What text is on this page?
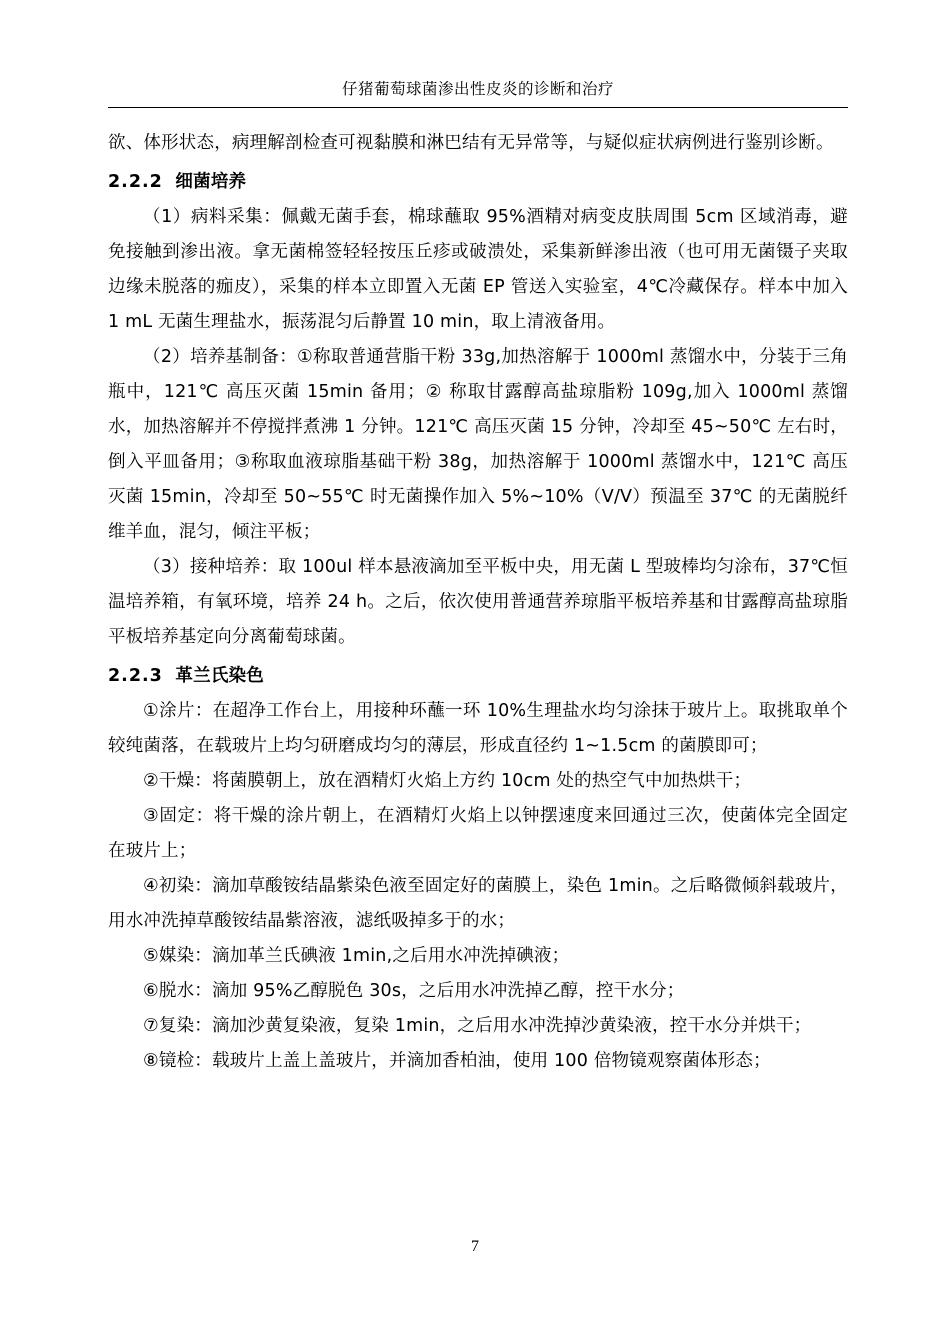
仔猪葡萄球菌渗出性皮炎的诊断和治疗

欲、体形状态，病理解剖检查可视黏膜和淋巴结有无异常等，与疑似症状病例进行鉴别诊断。

2.2.2 细菌培养

（1）病料采集：佩戴无菌手套，棉球蘸取 95%酒精对病变皮肤周围 5cm 区域消毒，避免接触到渗出液。拿无菌棉签轻轻按压丘疹或破溃处，采集新鲜渗出液（也可用无菌镊子夹取边缘未脱落的痂皮），采集的样本立即置入无菌 EP 管送入实验室，4℃冷藏保存。样本中加入 1 mL 无菌生理盐水，振荡混匀后静置 10 min，取上清液备用。

（2）培养基制备：①称取普通营脂干粉 33g,加热溶解于 1000ml 蒸馏水中，分装于三角瓶中，121℃ 高压灭菌 15min 备用；② 称取甘露醇高盐琼脂粉 109g,加入 1000ml 蒸馏水，加热溶解并不停搅拌煮沸 1 分钟。121℃ 高压灭菌 15 分钟，冷却至 45~50℃ 左右时，倒入平皿备用；③称取血液琼脂基础干粉 38g，加热溶解于 1000ml 蒸馏水中，121℃ 高压灭菌 15min，冷却至 50~55℃ 时无菌操作加入 5%~10%（V/V）预温至 37℃ 的无菌脱纤维羊血，混匀，倾注平板；

（3）接种培养：取 100ul 样本悬液滴加至平板中央，用无菌 L 型玻棒均匀涂布，37℃恒温培养箱，有氧环境，培养 24 h。之后，依次使用普通营养琼脂平板培养基和甘露醇高盐琼脂平板培养基定向分离葡萄球菌。

2.2.3 革兰氏染色

①涂片：在超净工作台上，用接种环蘸一环 10%生理盐水均匀涂抹于玻片上。取挑取单个较纯菌落，在载玻片上均匀研磨成均匀的薄层，形成直径约 1~1.5cm 的菌膜即可；

②干燥：将菌膜朝上，放在酒精灯火焰上方约 10cm 处的热空气中加热烘干；

③固定：将干燥的涂片朝上，在酒精灯火焰上以钟摆速度来回通过三次，使菌体完全固定在玻片上；

④初染：滴加草酸铵结晶紫染色液至固定好的菌膜上，染色 1min。之后略微倾斜载玻片，用水冲洗掉草酸铵结晶紫溶液，滤纸吸掉多于的水；

⑤媒染：滴加革兰氏碘液 1min,之后用水冲洗掉碘液；

⑥脱水：滴加 95%乙醇脱色 30s，之后用水冲洗掉乙醇，控干水分；

⑦复染：滴加沙黄复染液，复染 1min，之后用水冲洗掉沙黄染液，控干水分并烘干；

⑧镜检：载玻片上盖上盖玻片，并滴加香柏油，使用 100 倍物镜观察菌体形态；

7
